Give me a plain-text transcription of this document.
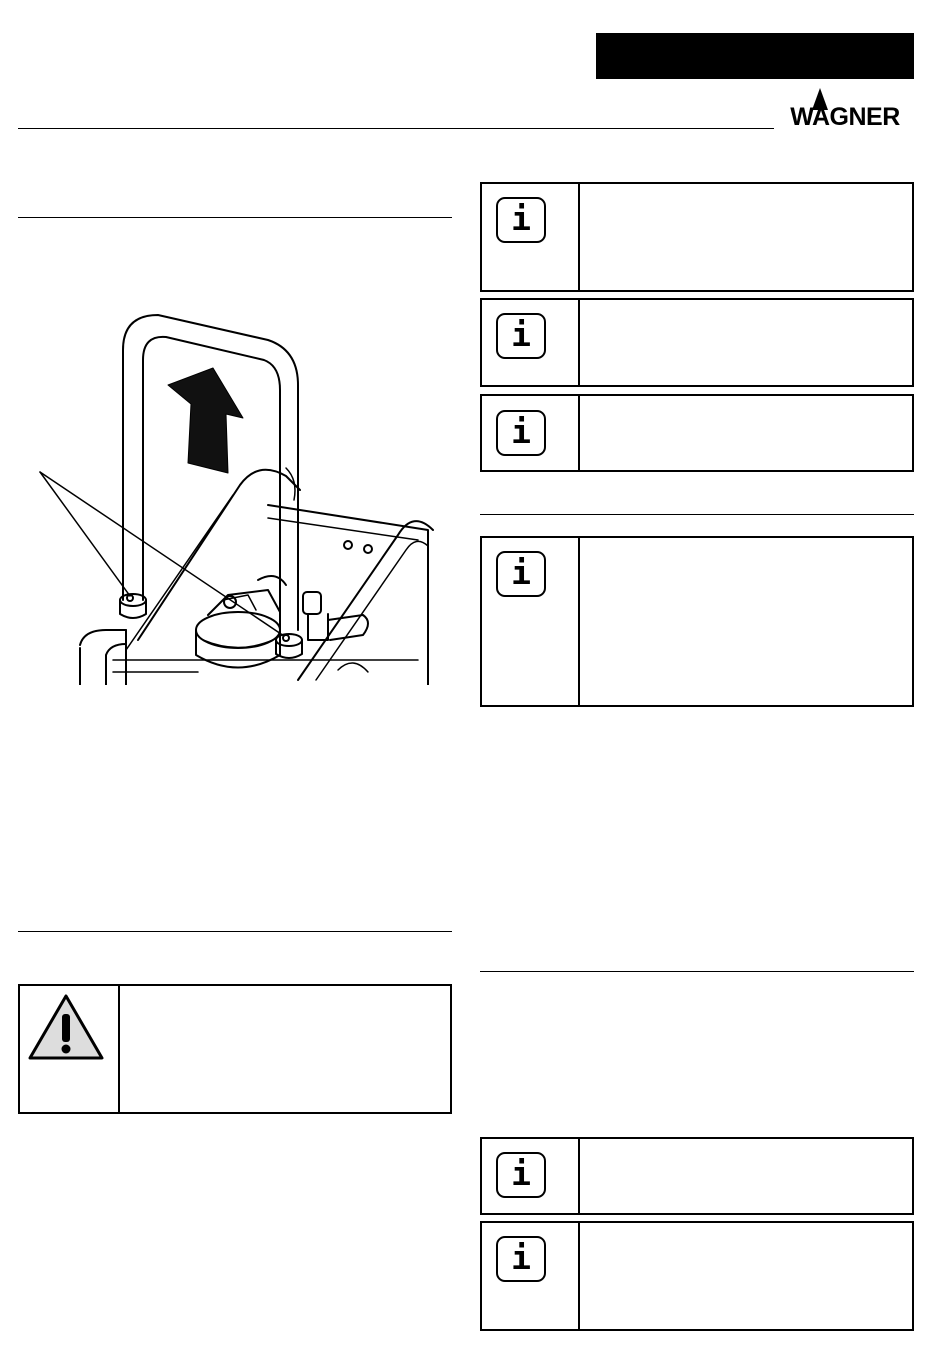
WAGNER
i
i
i
i
i
i
